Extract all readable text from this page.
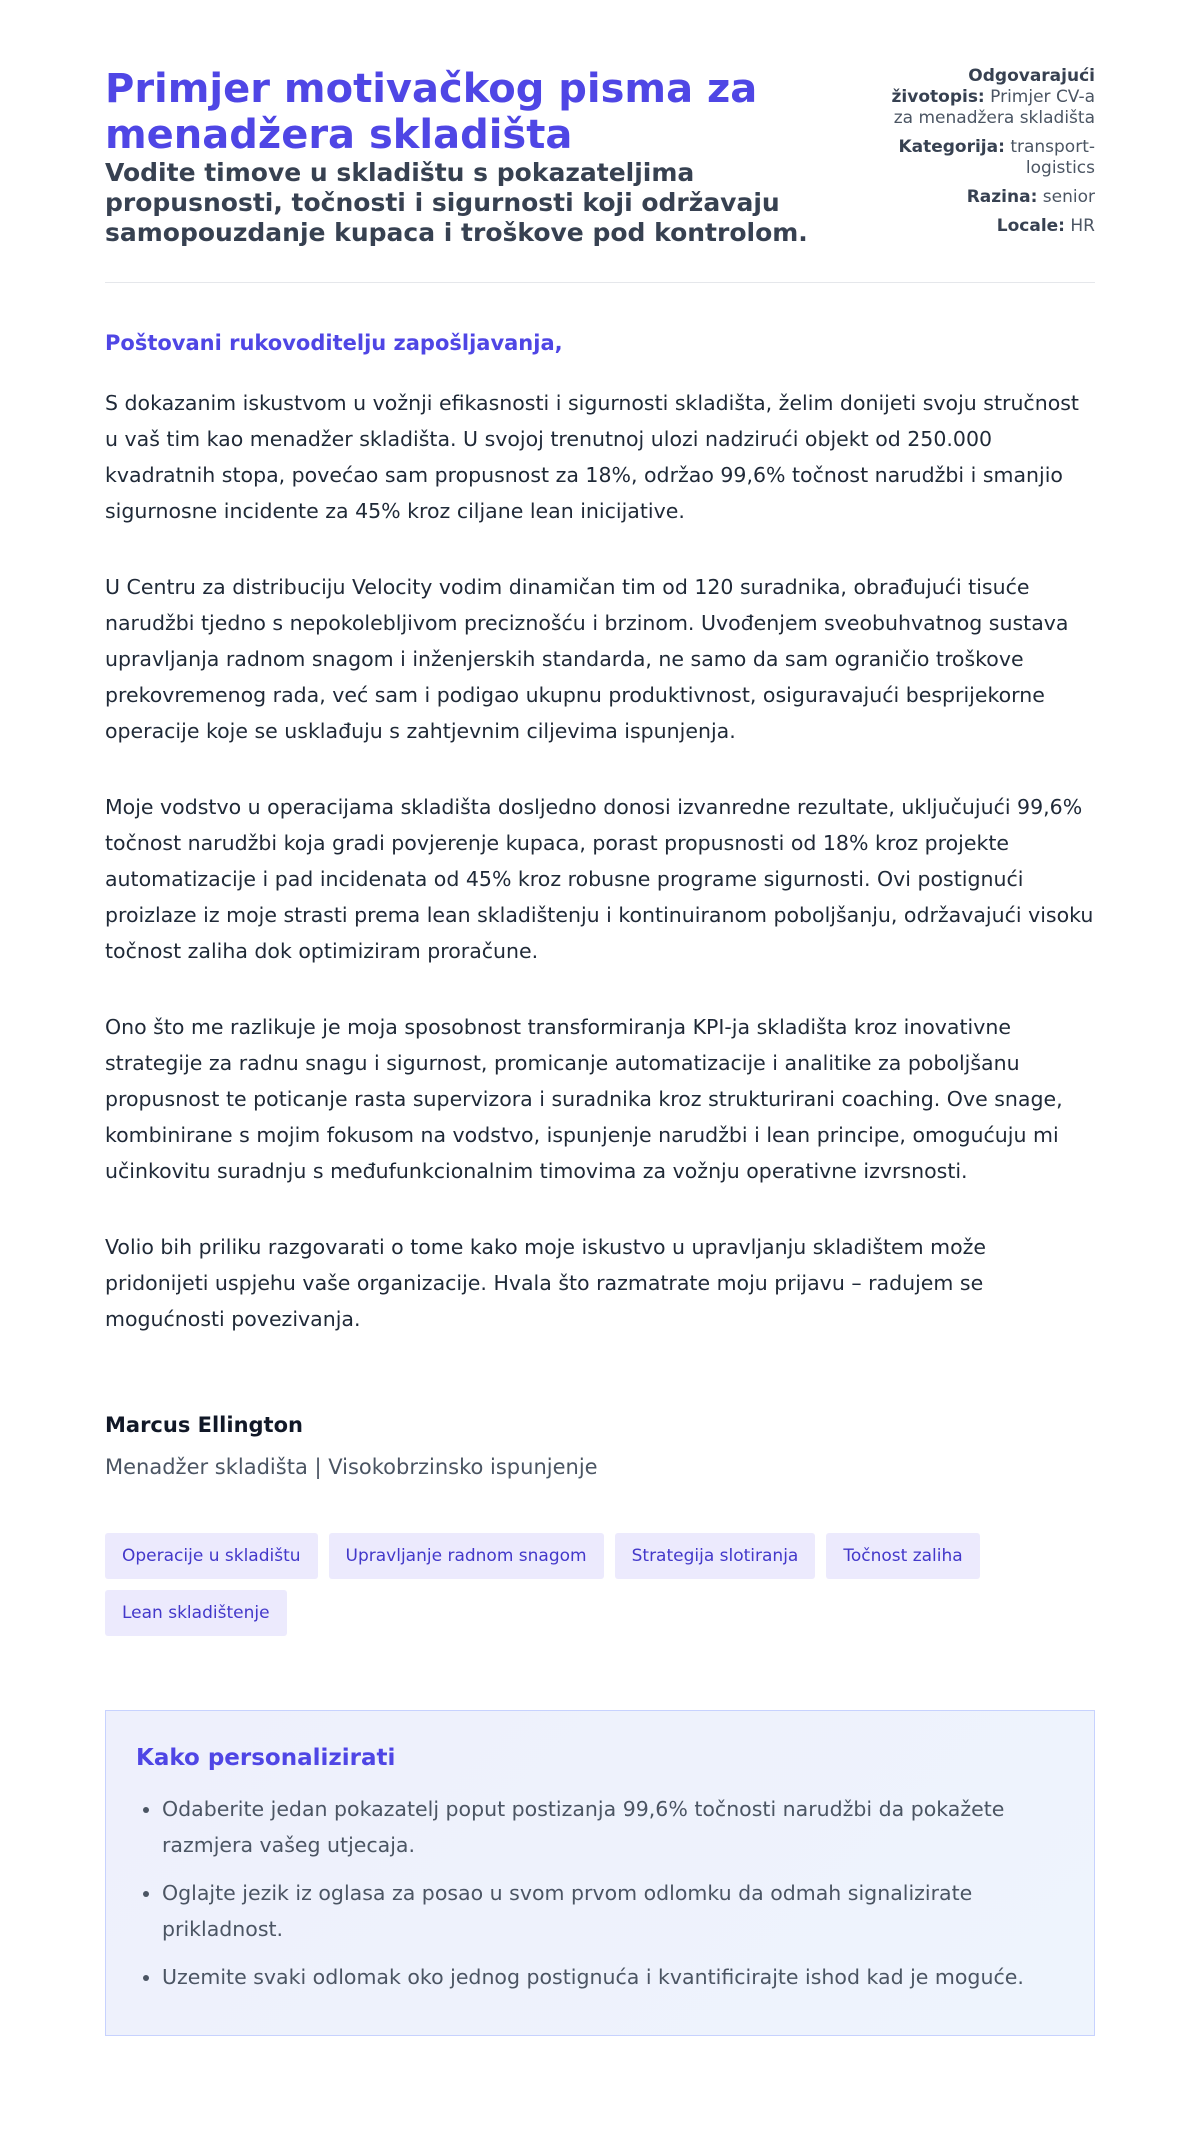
Primjer motivačkog pisma za menadžera skladišta
Vodite timove u skladištu s pokazateljima propusnosti, točnosti i sigurnosti koji održavaju samopouzdanje kupaca i troškove pod kontrolom.
Odgovarajući životopis: Primjer CV-a za menadžera skladišta
Kategorija: transport-logistics
Razina: senior
Locale: HR

Poštovani rukovoditelju zapošljavanja,

S dokazanim iskustvom u vožnji efikasnosti i sigurnosti skladišta, želim donijeti svoju stručnost u vaš tim kao menadžer skladišta. U svojoj trenutnoj ulozi nadzirući objekt od 250.000 kvadratnih stopa, povećao sam propusnost za 18%, održao 99,6% točnost narudžbi i smanjio sigurnosne incidente za 45% kroz ciljane lean inicijative.

U Centru za distribuciju Velocity vodim dinamičan tim od 120 suradnika, obrađujući tisuće narudžbi tjedno s nepokolebljivom preciznošću i brzinom. Uvođenjem sveobuhvatnog sustava upravljanja radnom snagom i inženjerskih standarda, ne samo da sam ograničio troškove prekovremenog rada, već sam i podigao ukupnu produktivnost, osiguravajući besprijekorne operacije koje se usklađuju s zahtjevnim ciljevima ispunjenja.

Moje vodstvo u operacijama skladišta dosljedno donosi izvanredne rezultate, uključujući 99,6% točnost narudžbi koja gradi povjerenje kupaca, porast propusnosti od 18% kroz projekte automatizacije i pad incidenata od 45% kroz robusne programe sigurnosti. Ovi postignući proizlaze iz moje strasti prema lean skladištenju i kontinuiranom poboljšanju, održavajući visoku točnost zaliha dok optimiziram proračune.

Ono što me razlikuje je moja sposobnost transformiranja KPI-ja skladišta kroz inovativne strategije za radnu snagu i sigurnost, promicanje automatizacije i analitike za poboljšanu propusnost te poticanje rasta supervizora i suradnika kroz strukturirani coaching. Ove snage, kombinirane s mojim fokusom na vodstvo, ispunjenje narudžbi i lean principe, omogućuju mi učinkovitu suradnju s međufunkcionalnim timovima za vožnju operativne izvrsnosti.

Volio bih priliku razgovarati o tome kako moje iskustvo u upravljanju skladištem može pridonijeti uspjehu vaše organizacije. Hvala što razmatrate moju prijavu – radujem se mogućnosti povezivanja.

Marcus Ellington
Menadžer skladišta | Visokobrzinsko ispunjenje
Operacije u skladištu	Upravljanje radnom snagom	Strategija slotiranja	Točnost zaliha
Lean skladištenje
Kako personalizirati
• Odaberite jedan pokazatelj poput postizanja 99,6% točnosti narudžbi da pokažete razmjera vašeg utjecaja.
• Oglajte jezik iz oglasa za posao u svom prvom odlomku da odmah signalizirate prikladnost.
• Uzemite svaki odlomak oko jednog postignuća i kvantificirajte ishod kad je moguće.
